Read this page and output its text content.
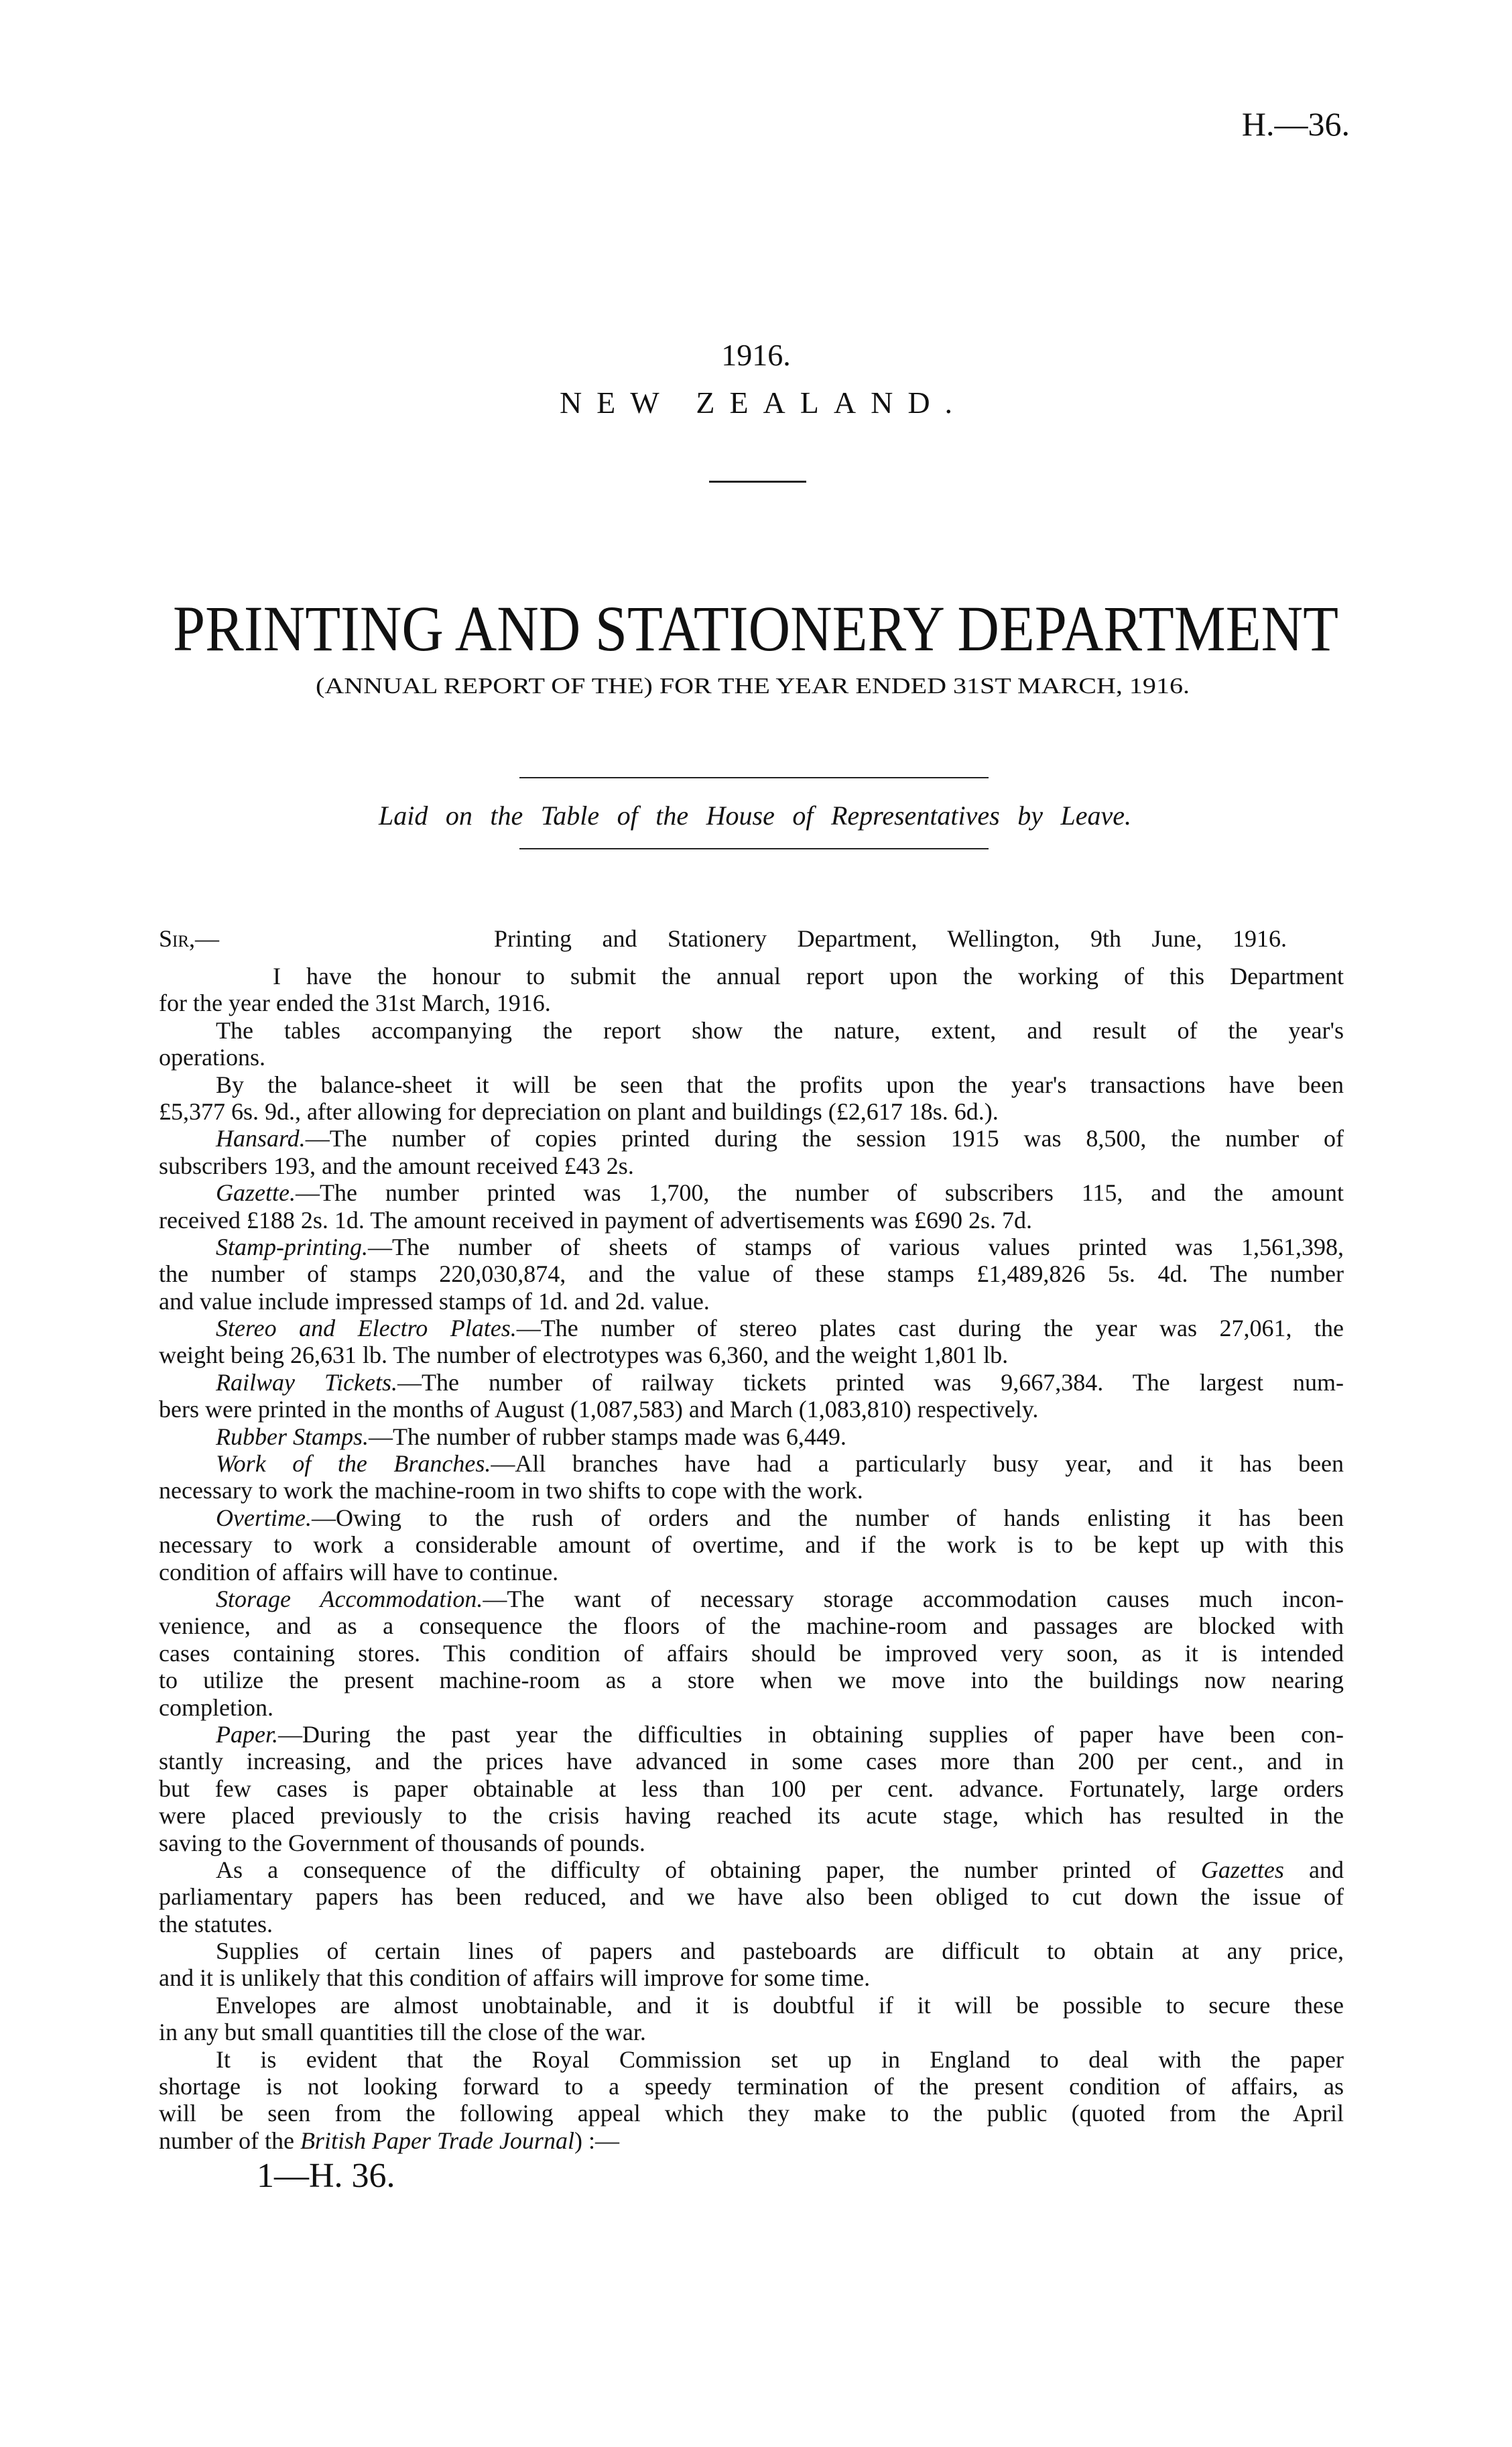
H.—36.
1916.
NEW ZEALAND.
PRINTING AND STATIONERY DEPARTMENT
(ANNUAL REPORT OF THE) FOR THE YEAR ENDED 31ST MARCH, 1916.
Laid on the Table of the House of Representatives by Leave.
Sir,—	Printing and Stationery Department, Wellington, 9th June, 1916.
I have the honour to submit the annual report upon the working of this Department
for the year ended the 31st March, 1916.
The tables accompanying the report show the nature, extent, and result of the year's
operations.
By the balance-sheet it will be seen that the profits upon the year's transactions have been
£5,377 6s. 9d., after allowing for depreciation on plant and buildings (£2,617 18s. 6d.).
Hansard.—The number of copies printed during the session 1915 was 8,500, the number of
subscribers 193, and the amount received £43 2s.
Gazette.—The number printed was 1,700, the number of subscribers 115, and the amount
received £188 2s. 1d. The amount received in payment of advertisements was £690 2s. 7d.
Stamp-printing.—The number of sheets of stamps of various values printed was 1,561,398,
the number of stamps 220,030,874, and the value of these stamps £1,489,826 5s. 4d. The number
and value include impressed stamps of 1d. and 2d. value.
Stereo and Electro Plates.—The number of stereo plates cast during the year was 27,061, the
weight being 26,631 lb. The number of electrotypes was 6,360, and the weight 1,801 lb.
Railway Tickets.—The number of railway tickets printed was 9,667,384. The largest num-
bers were printed in the months of August (1,087,583) and March (1,083,810) respectively.
Rubber Stamps.—The number of rubber stamps made was 6,449.
Work of the Branches.—All branches have had a particularly busy year, and it has been
necessary to work the machine-room in two shifts to cope with the work.
Overtime.—Owing to the rush of orders and the number of hands enlisting it has been
necessary to work a considerable amount of overtime, and if the work is to be kept up with this
condition of affairs will have to continue.
Storage Accommodation.—The want of necessary storage accommodation causes much incon-
venience, and as a consequence the floors of the machine-room and passages are blocked with
cases containing stores. This condition of affairs should be improved very soon, as it is intended
to utilize the present machine-room as a store when we move into the buildings now nearing
completion.
Paper.—During the past year the difficulties in obtaining supplies of paper have been con-
stantly increasing, and the prices have advanced in some cases more than 200 per cent., and in
but few cases is paper obtainable at less than 100 per cent. advance. Fortunately, large orders
were placed previously to the crisis having reached its acute stage, which has resulted in the
saving to the Government of thousands of pounds.
As a consequence of the difficulty of obtaining paper, the number printed of Gazettes and
parliamentary papers has been reduced, and we have also been obliged to cut down the issue of
the statutes.
Supplies of certain lines of papers and pasteboards are difficult to obtain at any price,
and it is unlikely that this condition of affairs will improve for some time.
Envelopes are almost unobtainable, and it is doubtful if it will be possible to secure these
in any but small quantities till the close of the war.
It is evident that the Royal Commission set up in England to deal with the paper
shortage is not looking forward to a speedy termination of the present condition of affairs, as
will be seen from the following appeal which they make to the public (quoted from the April
number of the British Paper Trade Journal) :—
1—H. 36.
